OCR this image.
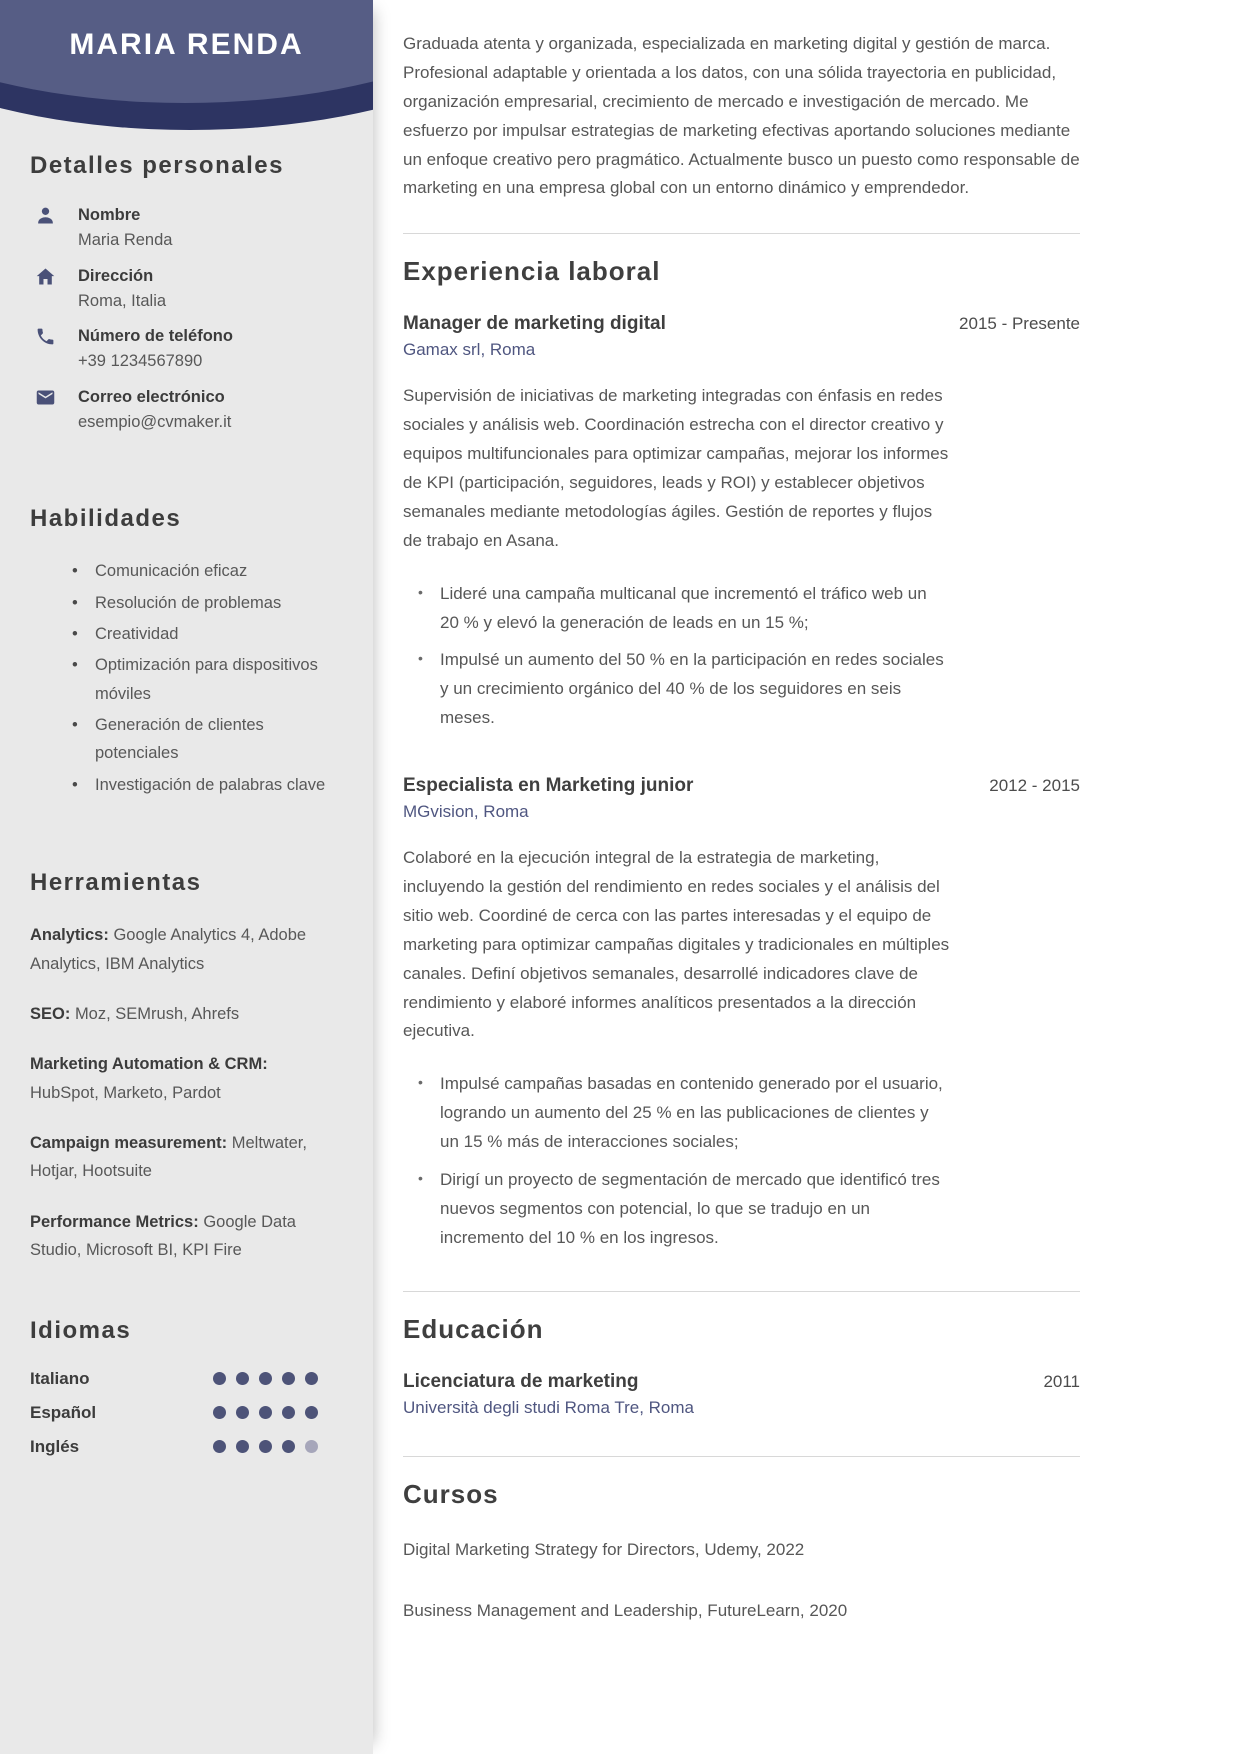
MARIA RENDA
Detalles personales
Nombre
Maria Renda
Dirección
Roma, Italia
Número de teléfono
+39 1234567890
Correo electrónico
esempio@cvmaker.it
Habilidades
• Comunicación eficaz
• Resolución de problemas
• Creatividad
• Optimización para dispositivos móviles
• Generación de clientes potenciales
• Investigación de palabras clave
Herramientas

Analytics: Google Analytics 4, Adobe Analytics, IBM Analytics

SEO: Moz, SEMrush, Ahrefs

Marketing Automation & CRM: HubSpot, Marketo, Pardot

Campaign measurement: Meltwater, Hotjar, Hootsuite

Performance Metrics: Google Data Studio, Microsoft BI, KPI Fire

Idiomas
Italiano
Español
Inglés

Graduada atenta y organizada, especializada en marketing digital y gestión de marca. Profesional adaptable y orientada a los datos, con una sólida trayectoria en publicidad, organización empresarial, crecimiento de mercado e investigación de mercado. Me esfuerzo por impulsar estrategias de marketing efectivas aportando soluciones mediante un enfoque creativo pero pragmático. Actualmente busco un puesto como responsable de marketing en una empresa global con un entorno dinámico y emprendedor.

Experiencia laboral
Manager de marketing digital	2015 - Presente
Gamax srl, Roma

Supervisión de iniciativas de marketing integradas con énfasis en redes sociales y análisis web. Coordinación estrecha con el director creativo y equipos multifuncionales para optimizar campañas, mejorar los informes de KPI (participación, seguidores, leads y ROI) y establecer objetivos semanales mediante metodologías ágiles. Gestión de reportes y flujos de trabajo en Asana.

• Lideré una campaña multicanal que incrementó el tráfico web un 20 % y elevó la generación de leads en un 15 %;
• Impulsé un aumento del 50 % en la participación en redes sociales y un crecimiento orgánico del 40 % de los seguidores en seis meses.
Especialista en Marketing junior	2012 - 2015
MGvision, Roma

Colaboré en la ejecución integral de la estrategia de marketing, incluyendo la gestión del rendimiento en redes sociales y el análisis del sitio web. Coordiné de cerca con las partes interesadas y el equipo de marketing para optimizar campañas digitales y tradicionales en múltiples canales. Definí objetivos semanales, desarrollé indicadores clave de rendimiento y elaboré informes analíticos presentados a la dirección ejecutiva.

• Impulsé campañas basadas en contenido generado por el usuario, logrando un aumento del 25 % en las publicaciones de clientes y un 15 % más de interacciones sociales;
• Dirigí un proyecto de segmentación de mercado que identificó tres nuevos segmentos con potencial, lo que se tradujo en un incremento del 10 % en los ingresos.
Educación
Licenciatura de marketing	2011
Università degli studi Roma Tre, Roma
Cursos

Digital Marketing Strategy for Directors, Udemy, 2022

Business Management and Leadership, FutureLearn, 2020
